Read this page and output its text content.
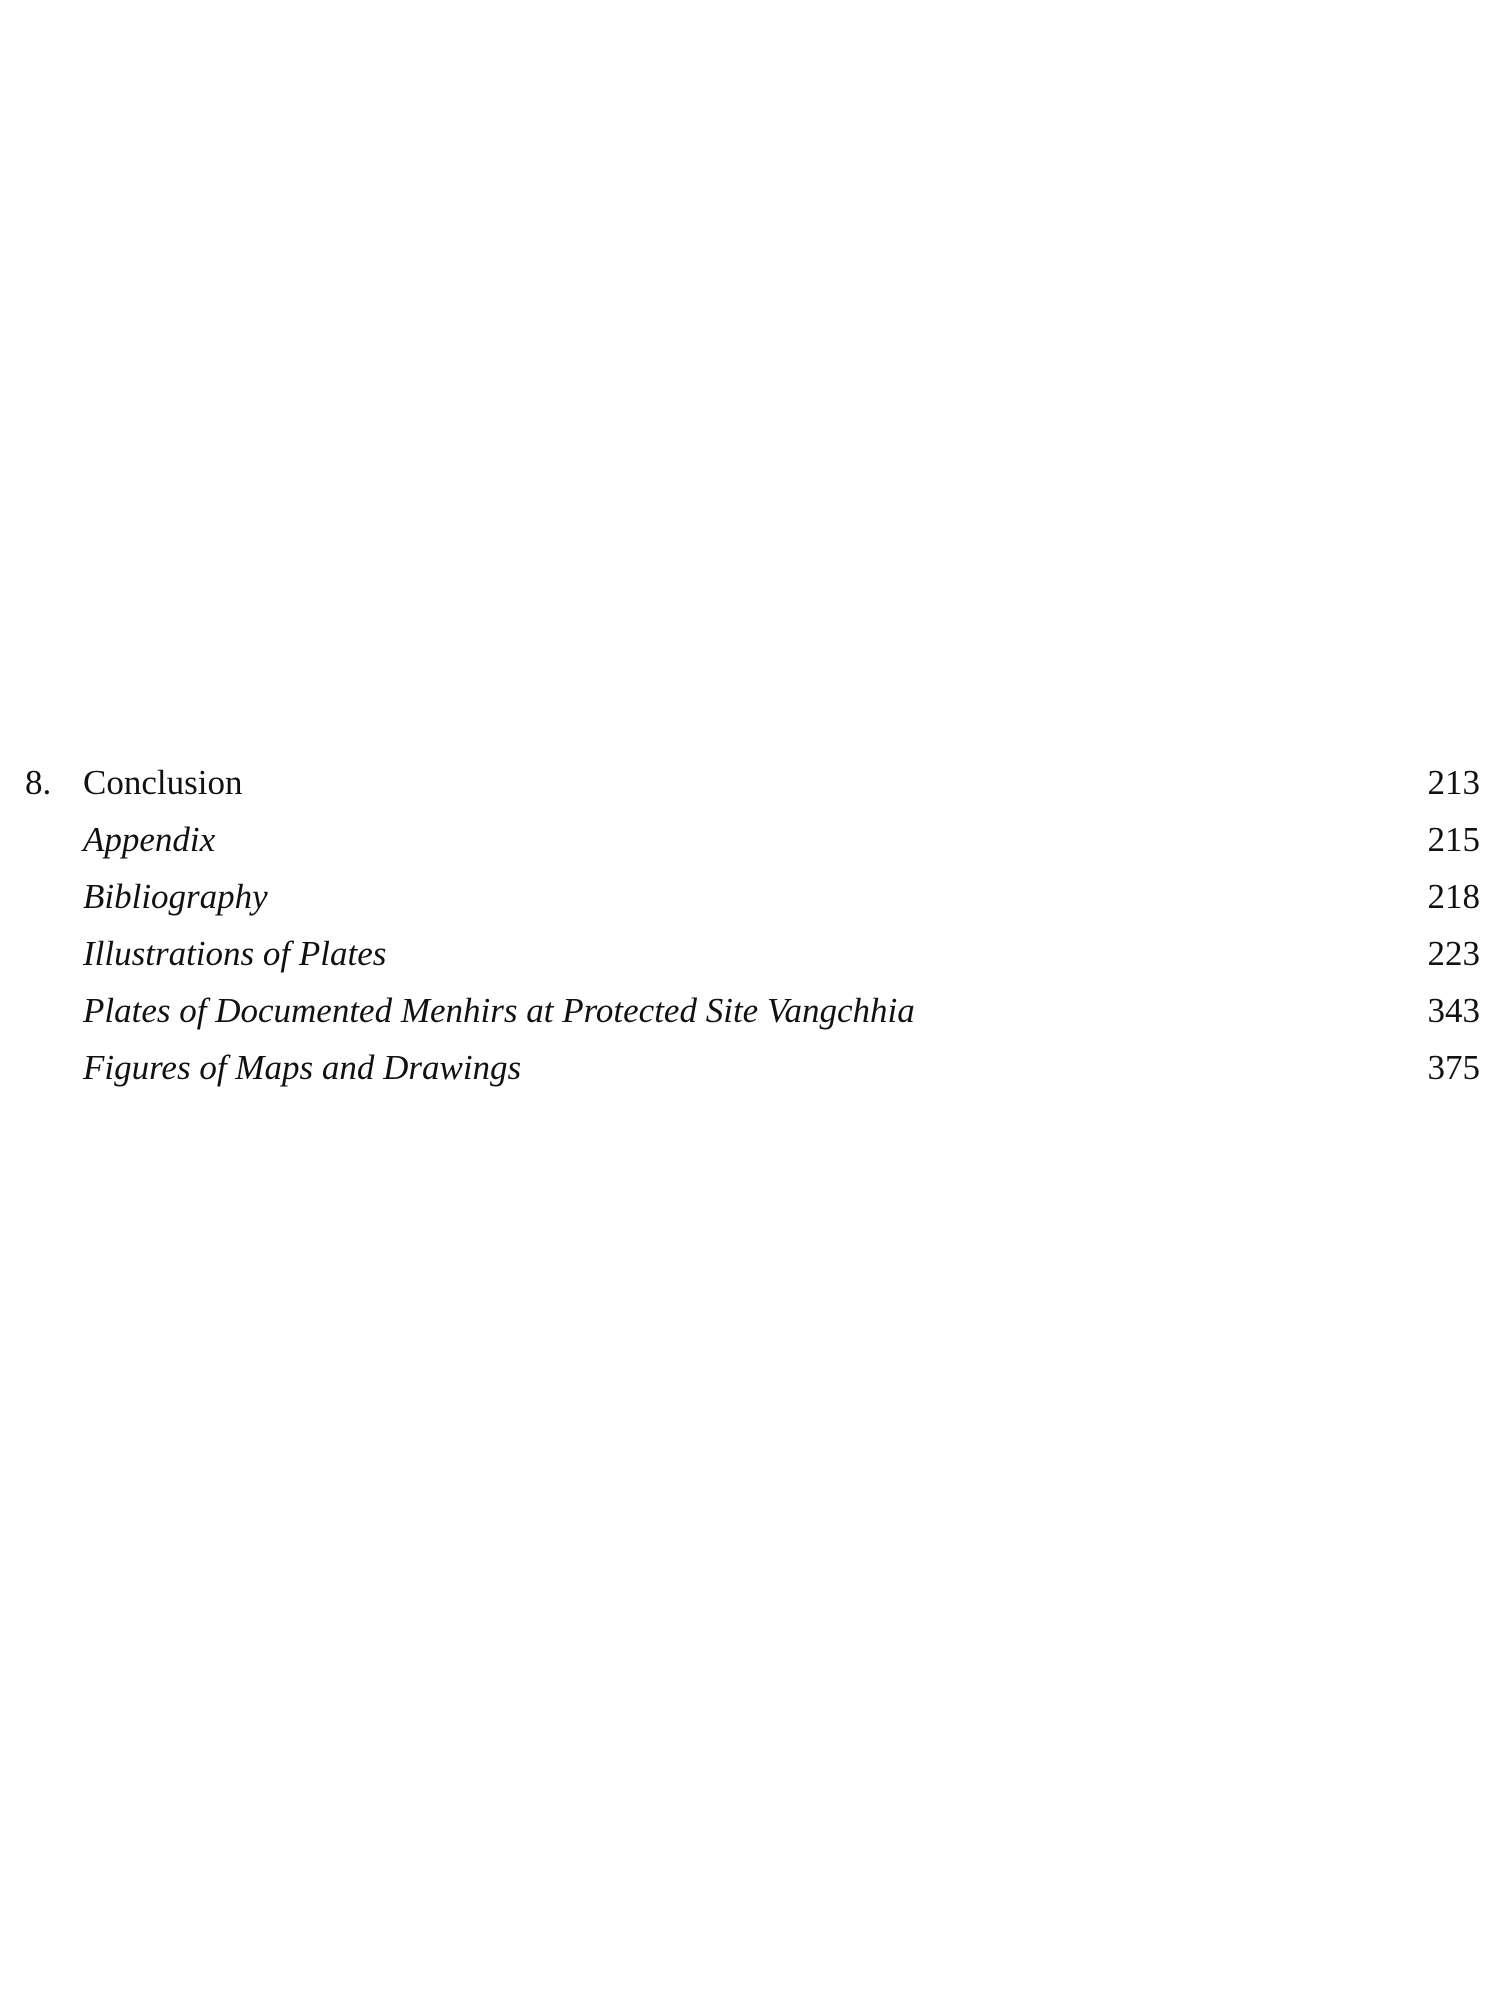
8. Conclusion	213
Appendix	215
Bibliography	218
Illustrations of Plates	223
Plates of Documented Menhirs at Protected Site Vangchhia	343
Figures of Maps and Drawings	375
